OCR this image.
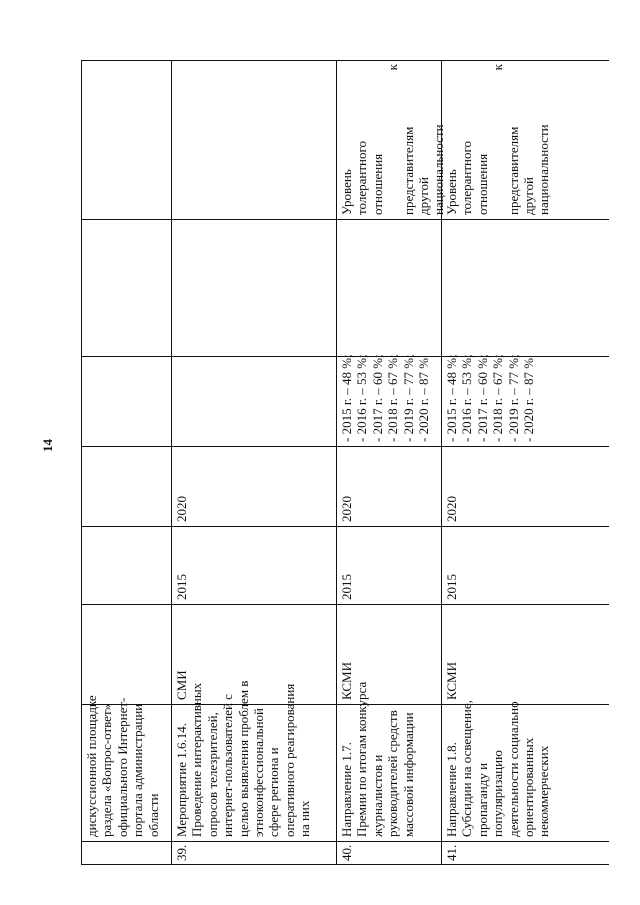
14
дискуссионной площадке раздела «Вопрос-ответ» официального Интернет- портала администрации области
39.
Мероприятие 1.6.14. Проведение интерактивных опросов телезрителей, интернет-пользователей с целью выявления проблем в этноконфессиональной сфере региона и оперативного реагирования на них
СМИ
2015
2020
40.
Направление 1.7. Премии по итогам конкурса журналистов и руководителей средств массовой информации
КСМИ
2015
2020
- 2015 г. – 48 %; - 2016 г. – 53 %; - 2017 г. – 60 %; - 2018 г. – 67 %; - 2019 г. – 77 %; - 2020 г. – 87 %
Уровень толерантного отношения
к
представителям другой национальности
41.
Направление 1.8. Субсидии на освещение, пропаганду и популяризацию деятельности социально ориентированных некоммерческих
КСМИ
2015
2020
- 2015 г. – 48 %; - 2016 г. – 53 %; - 2017 г. – 60 %; - 2018 г. – 67 %; - 2019 г. – 77 %; - 2020 г. – 87 %
Уровень толерантного отношения
к
представителям другой национальности
